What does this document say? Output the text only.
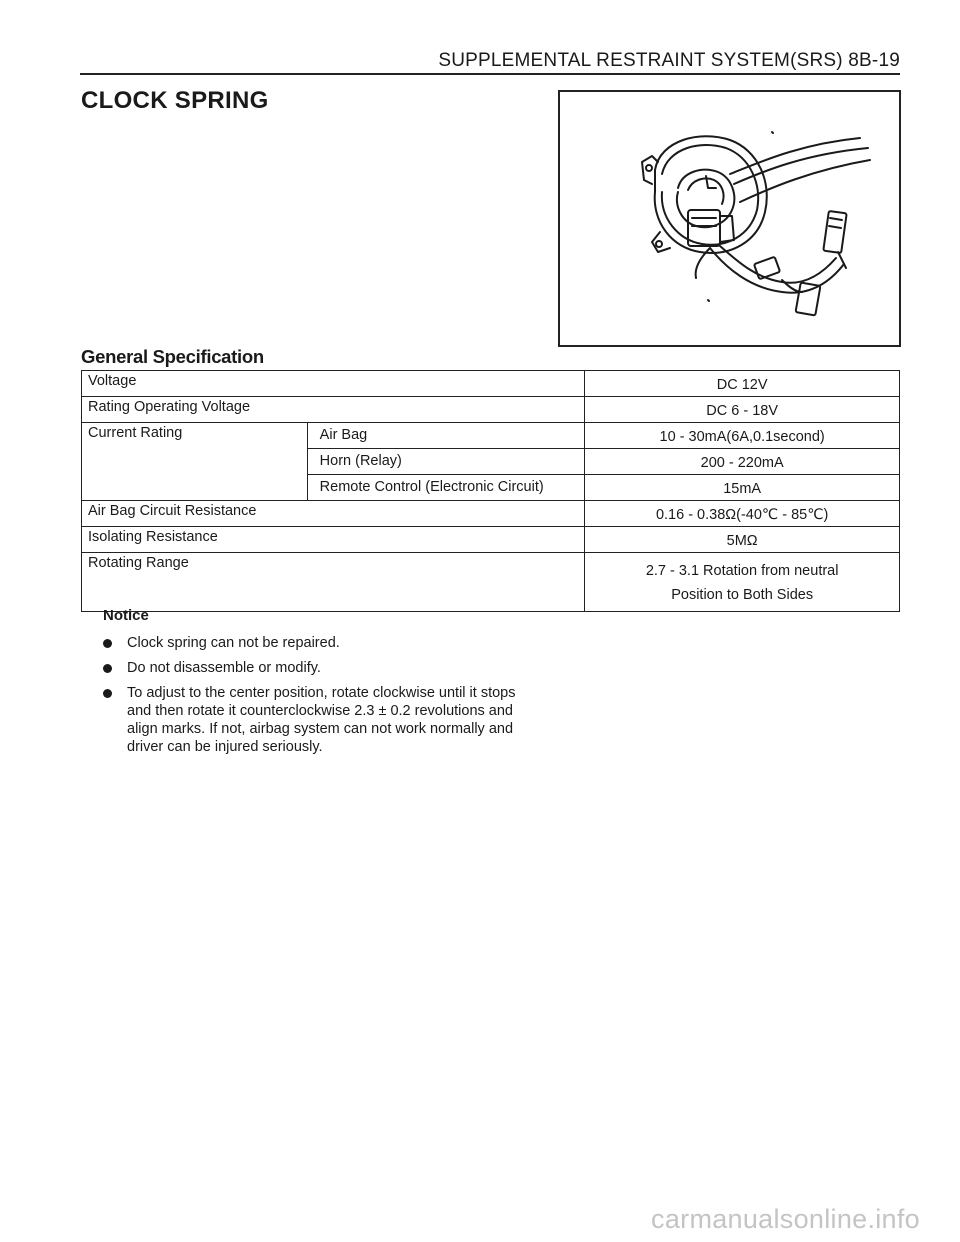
SUPPLEMENTAL RESTRAINT SYSTEM(SRS) 8B-19
CLOCK SPRING
General Specification
Voltage		DC 12V
Rating Operating Voltage		DC 6 - 18V
Current Rating	Air Bag	10 - 30mA(6A,0.1second)
	Horn (Relay)	200 - 220mA
	Remote Control (Electronic Circuit)	15mA
Air Bag Circuit Resistance		0.16 - 0.38Ω(-40℃ - 85℃)
Isolating Resistance		5MΩ
Rotating Range		2.7 - 3.1 Rotation from neutral
Position to Both Sides
Notice
Clock spring can not be repaired.
Do not disassemble or modify.
To adjust to the center position, rotate clockwise until it stops and then rotate it counterclockwise 2.3 ± 0.2 revolutions and align marks. If not, airbag system can not work normally and driver can be injured seriously.
carmanualsonline.info
